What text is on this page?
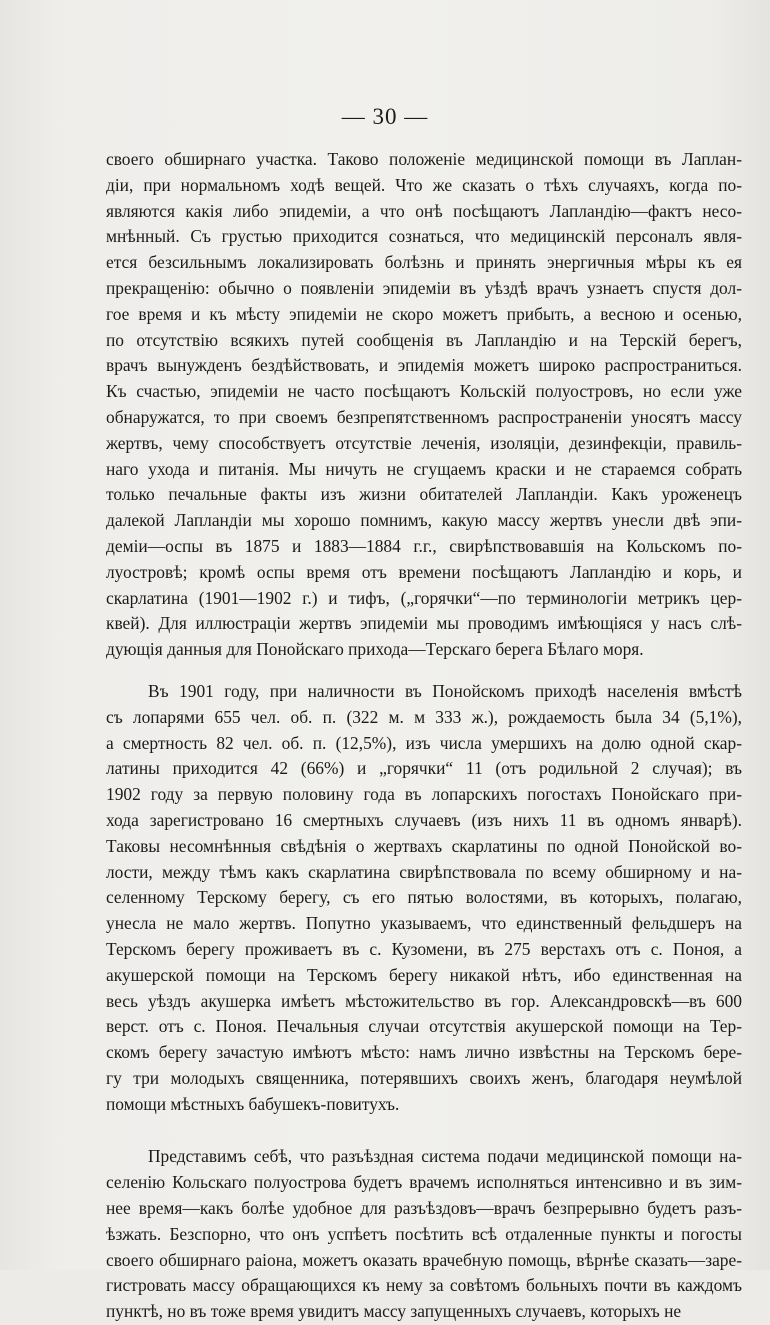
— 30 —

своего обширнаго участка. Таково положеніе медицинской помощи въ Лаплан-
діи, при нормальномъ ходѣ вещей. Что же сказать о тѣхъ случаяхъ, когда по-
являются какія либо эпидеміи, а что онѣ посѣщаютъ Лапландію—фактъ несо-
мнѣнный. Съ грустью приходится сознаться, что медицинскій персоналъ явля-
ется безсильнымъ локализировать болѣзнь и принять энергичныя мѣры къ ея
прекращенію: обычно о появленіи эпидеміи въ уѣздѣ врачъ узнаетъ спустя дол-
гое время и къ мѣсту эпидеміи не скоро можетъ прибыть, а весною и осенью,
по отсутствію всякихъ путей сообщенія въ Лапландію и на Терскій берегъ,
врачъ вынужденъ бездѣйствовать, и эпидемія можетъ широко распространиться.
Къ счастью, эпидеміи не часто посѣщаютъ Кольскій полуостровъ, но если уже
обнаружатся, то при своемъ безпрепятственномъ распространеніи уносятъ массу
жертвъ, чему способствуетъ отсутствіе леченія, изоляціи, дезинфекціи, правиль-
наго ухода и питанія. Мы ничуть не сгущаемъ краски и не стараемся собрать
только печальные факты изъ жизни обитателей Лапландіи. Какъ уроженецъ
далекой Лапландіи мы хорошо помнимъ, какую массу жертвъ унесли двѣ эпи-
деміи—оспы въ 1875 и 1883—1884 г.г., свирѣпствовавшія на Кольскомъ по-
луостровѣ; кромѣ оспы время отъ времени посѣщаютъ Лапландію и корь, и
скарлатина (1901—1902 г.) и тифъ, („горячки“—по терминологіи метрикъ цер-
квей). Для иллюстраціи жертвъ эпидеміи мы проводимъ имѣющіяся у насъ слѣ-
дующія данныя для Понойскаго прихода—Терскаго берега Бѣлаго моря.

Въ 1901 году, при наличности въ Понойскомъ приходѣ населенія вмѣстѣ
съ лопарями 655 чел. об. п. (322 м. м 333 ж.), рождаемость была 34 (5,1%),
а смертность 82 чел. об. п. (12,5%), изъ числа умершихъ на долю одной скар-
латины приходится 42 (66%) и „горячки“ 11 (отъ родильной 2 случая); въ
1902 году за первую половину года въ лопарскихъ погостахъ Понойскаго при-
хода зарегистровано 16 смертныхъ случаевъ (изъ нихъ 11 въ одномъ январѣ).
Таковы несомнѣнныя свѣдѣнія о жертвахъ скарлатины по одной Понойской во-
лости, между тѣмъ какъ скарлатина свирѣпствовала по всему обширному и на-
селенному Терскому берегу, съ его пятью волостями, въ которыхъ, полагаю,
унесла не мало жертвъ. Попутно указываемъ, что единственный фельдшеръ на
Терскомъ берегу проживаетъ въ с. Кузомени, въ 275 верстахъ отъ с. Поноя, а
акушерской помощи на Терскомъ берегу никакой нѣтъ, ибо единственная на
весь уѣздъ акушерка имѣетъ мѣстожительство въ гор. Александровскѣ—въ 600
верст. отъ с. Поноя. Печальныя случаи отсутствія акушерской помощи на Тер-
скомъ берегу зачастую имѣютъ мѣсто: намъ лично извѣстны на Терскомъ бере-
гу три молодыхъ священника, потерявшихъ своихъ женъ, благодаря неумѣлой
помощи мѣстныхъ бабушекъ-повитухъ.

Представимъ себѣ, что разъѣздная система подачи медицинской помощи на-
селенію Кольскаго полуострова будетъ врачемъ исполняться интенсивно и въ зим-
нее время—какъ болѣе удобное для разъѣздовъ—врачъ безпрерывно будетъ разъ-
ѣзжать. Безспорно, что онъ успѣетъ посѣтить всѣ отдаленные пункты и погосты
своего обширнаго раіона, можетъ оказать врачебную помощь, вѣрнѣе сказать—заре-
гистровать массу обращающихся къ нему за совѣтомъ больныхъ почти въ каждомъ
пунктѣ, но въ тоже время увидитъ массу запущенныхъ случаевъ, которыхъ не
